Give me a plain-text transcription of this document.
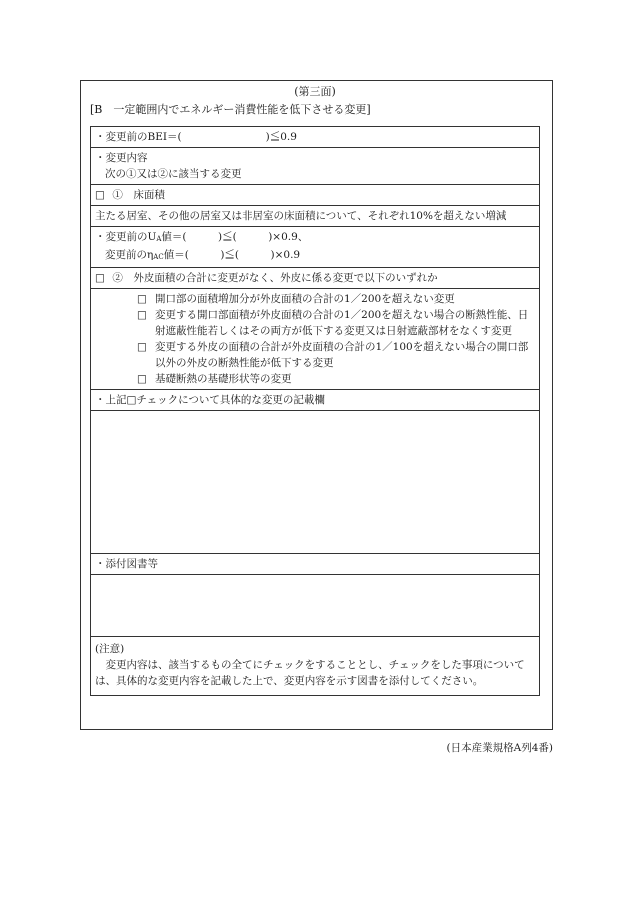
(第三面)
[B　一定範囲内でエネルギー消費性能を低下させる変更]
・変更前のBEI＝(　　　　　　　　)≦0.9
・変更内容
次の①又は②に該当する変更
□ ①　床面積
主たる居室、その他の居室又は非居室の床面積について、それぞれ10%を超えない増減
・変更前のUA値＝(　　　)≦(　　　)×0.9、
変更前のηAC値＝(　　　)≦(　　　)×0.9
□ ②　外皮面積の合計に変更がなく、外皮に係る変更で以下のいずれか
□ 開口部の面積増加分が外皮面積の合計の1／200を超えない変更
□ 変更する開口部面積が外皮面積の合計の1／200を超えない場合の断熱性能、日射遮蔽性能若しくはその両方が低下する変更又は日射遮蔽部材をなくす変更
□ 変更する外皮の面積の合計が外皮面積の合計の1／100を超えない場合の開口部以外の外皮の断熱性能が低下する変更
□ 基礎断熱の基礎形状等の変更
・上記□チェックについて具体的な変更の記載欄
・添付図書等
(注意)
変更内容は、該当するもの全てにチェックをすることとし、チェックをした事項については、具体的な変更内容を記載した上で、変更内容を示す図書を添付してください。
(日本産業規格A列4番)
